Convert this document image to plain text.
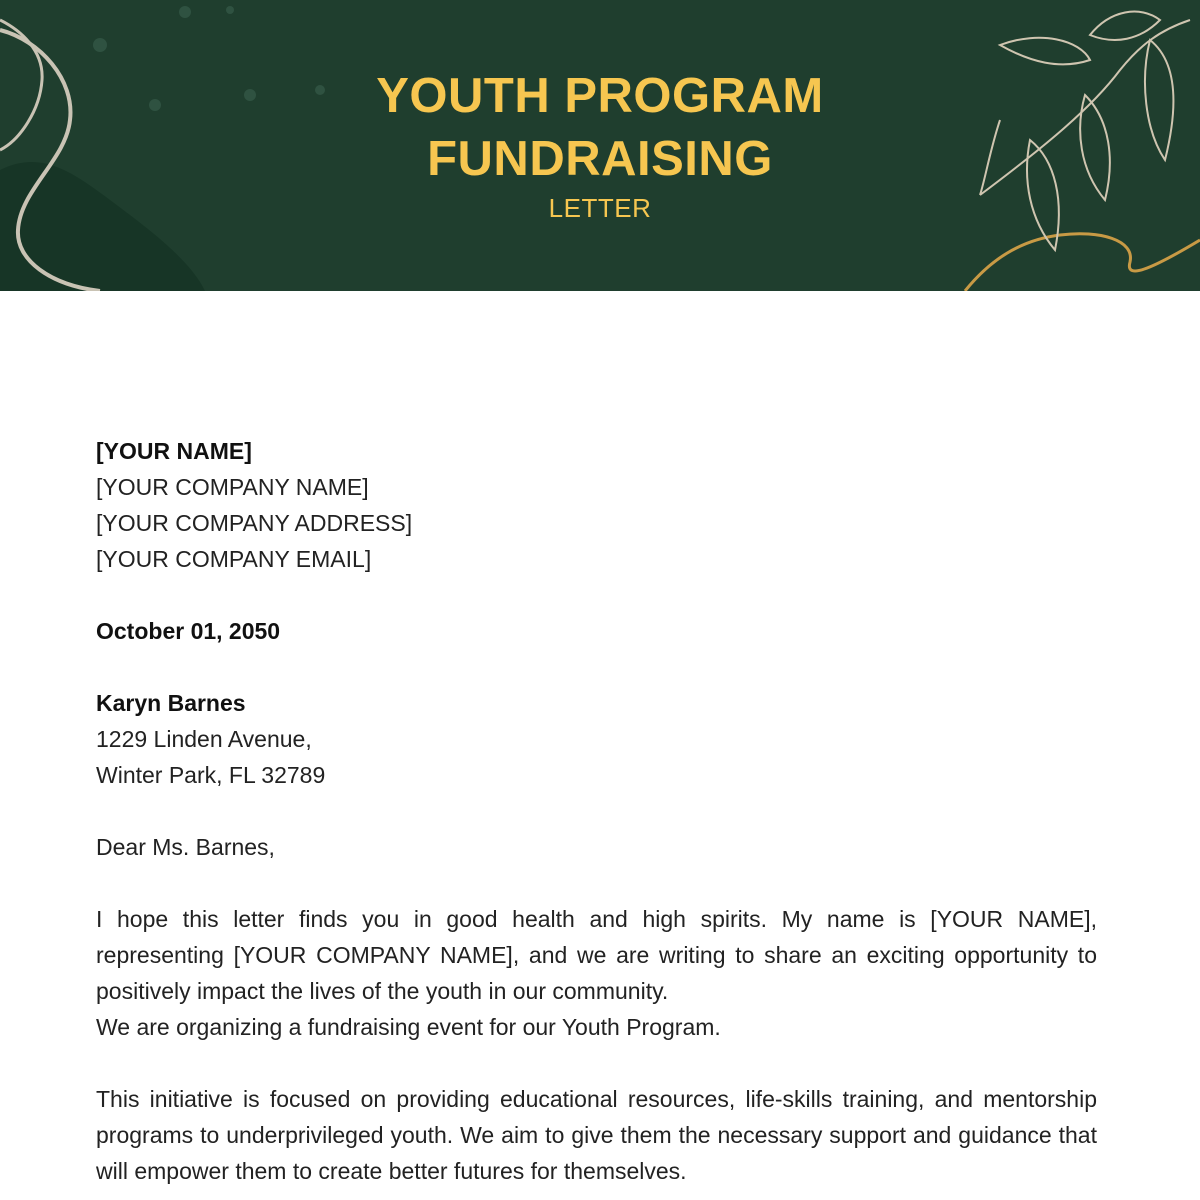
YOUTH PROGRAM
FUNDRAISING
LETTER
[YOUR NAME]
[YOUR COMPANY NAME]
[YOUR COMPANY ADDRESS]
[YOUR COMPANY EMAIL]
October 01, 2050
Karyn Barnes
1229 Linden Avenue,
Winter Park, FL 32789
Dear Ms. Barnes,
I hope this letter finds you in good health and high spirits. My name is [YOUR NAME], representing [YOUR COMPANY NAME], and we are writing to share an exciting opportunity to positively impact the lives of the youth in our community.
We are organizing a fundraising event for our Youth Program.
This initiative is focused on providing educational resources, life-skills training, and mentorship programs to underprivileged youth. We aim to give them the necessary support and guidance that will empower them to create better futures for themselves.
